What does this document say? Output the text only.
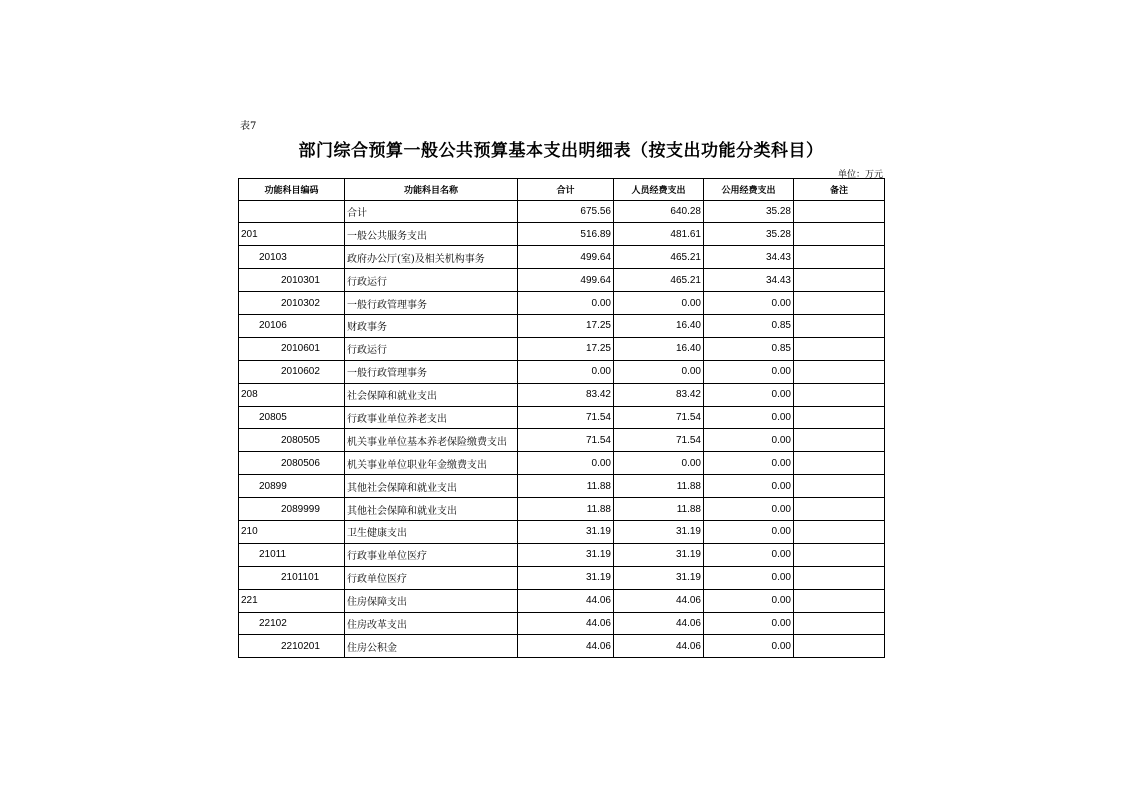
表7
部门综合预算一般公共预算基本支出明细表（按支出功能分类科目）
单位：万元
功能科目编码	功能科目名称	合计	人员经费支出	公用经费支出	备注
	合计	675.56	640.28	35.28	
201	一般公共服务支出	516.89	481.61	35.28	
20103	政府办公厅(室)及相关机构事务	499.64	465.21	34.43	
2010301	行政运行	499.64	465.21	34.43	
2010302	一般行政管理事务	0.00	0.00	0.00	
20106	财政事务	17.25	16.40	0.85	
2010601	行政运行	17.25	16.40	0.85	
2010602	一般行政管理事务	0.00	0.00	0.00	
208	社会保障和就业支出	83.42	83.42	0.00	
20805	行政事业单位养老支出	71.54	71.54	0.00	
2080505	机关事业单位基本养老保险缴费支出	71.54	71.54	0.00	
2080506	机关事业单位职业年金缴费支出	0.00	0.00	0.00	
20899	其他社会保障和就业支出	11.88	11.88	0.00	
2089999	其他社会保障和就业支出	11.88	11.88	0.00	
210	卫生健康支出	31.19	31.19	0.00	
21011	行政事业单位医疗	31.19	31.19	0.00	
2101101	行政单位医疗	31.19	31.19	0.00	
221	住房保障支出	44.06	44.06	0.00	
22102	住房改革支出	44.06	44.06	0.00	
2210201	住房公积金	44.06	44.06	0.00	
